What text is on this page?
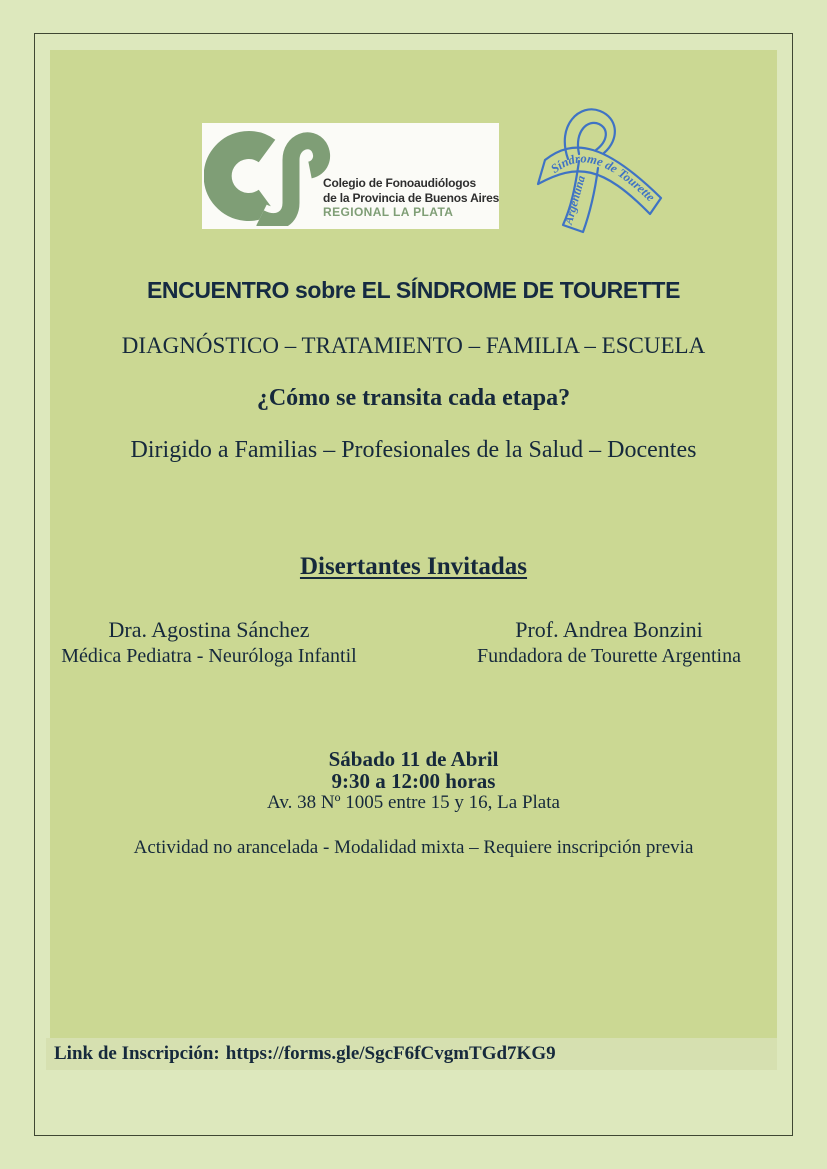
Colegio de Fonoaudiólogos
de la Provincia de Buenos Aires
REGIONAL LA PLATA
Síndrome de Tourette
Argentina
ENCUENTRO sobre EL SÍNDROME DE TOURETTE
DIAGNÓSTICO – TRATAMIENTO – FAMILIA – ESCUELA
¿Cómo se transita cada etapa?
Dirigido a Familias – Profesionales de la Salud – Docentes
Disertantes Invitadas
Dra. Agostina Sánchez
Médica Pediatra - Neuróloga Infantil
Prof. Andrea Bonzini
Fundadora de Tourette Argentina
Sábado 11 de Abril
9:30 a 12:00 horas
Av. 38 Nº 1005 entre 15 y 16, La Plata
Actividad no arancelada - Modalidad mixta – Requiere inscripción previa
Link de Inscripción: https://forms.gle/SgcF6fCvgmTGd7KG9
